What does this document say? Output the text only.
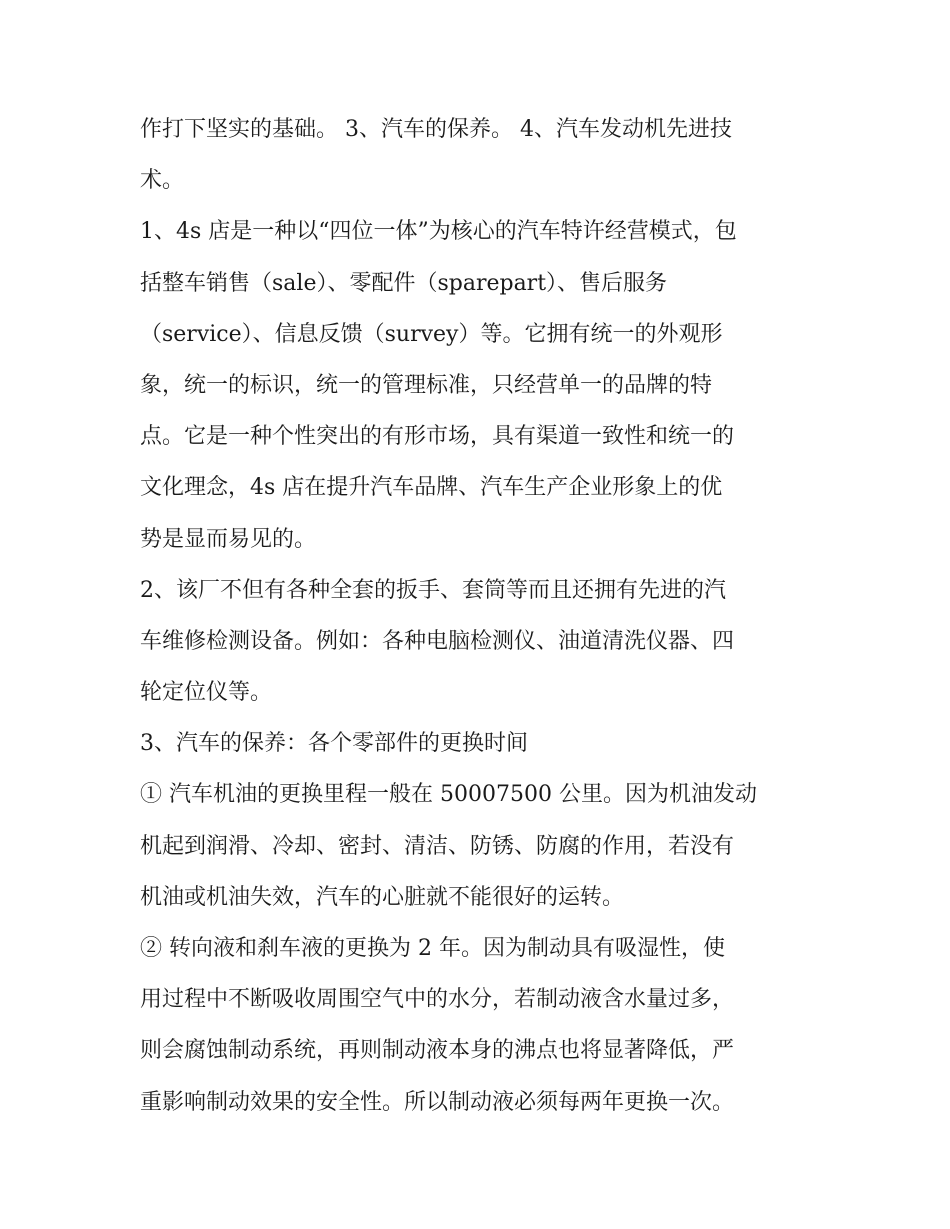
作打下坚实的基础。 3、汽车的保养。 4、汽车发动机先进技
术。
1、4s 店是一种以“四位一体”为核心的汽车特许经营模式，包
括整车销售（sale）、零配件（sparepart）、售后服务
（service）、信息反馈（survey）等。它拥有统一的外观形
象，统一的标识，统一的管理标准，只经营单一的品牌的特
点。它是一种个性突出的有形市场，具有渠道一致性和统一的
文化理念，4s 店在提升汽车品牌、汽车生产企业形象上的优
势是显而易见的。
2、该厂不但有各种全套的扳手、套筒等而且还拥有先进的汽
车维修检测设备。例如：各种电脑检测仪、油道清洗仪器、四
轮定位仪等。
3、汽车的保养：各个零部件的更换时间
① 汽车机油的更换里程一般在 50007500 公里。因为机油发动
机起到润滑、冷却、密封、清洁、防锈、防腐的作用，若没有
机油或机油失效，汽车的心脏就不能很好的运转。
② 转向液和刹车液的更换为 2 年。因为制动具有吸湿性，使
用过程中不断吸收周围空气中的水分，若制动液含水量过多，
则会腐蚀制动系统，再则制动液本身的沸点也将显著降低，严
重影响制动效果的安全性。所以制动液必须每两年更换一次。
